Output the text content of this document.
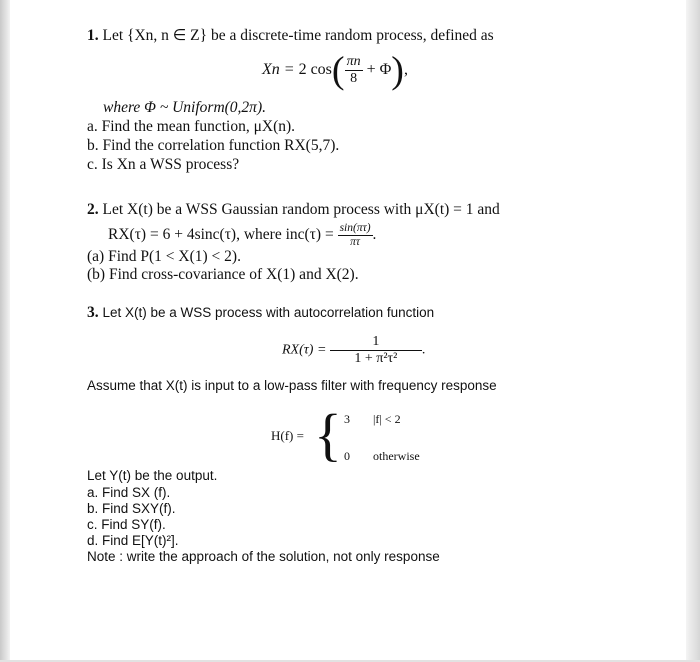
1. Let {Xn, n ∈ Z} be a discrete-time random process, defined as
Xn = 2 $\cos( \frac{\pi n}{8} + \Phi)$,
where Φ ~ Uniform(0,2π).
a. Find the mean function, μX(n).
b. Find the correlation function RX(5,7).
c. Is Xn a WSS process?
2. Let X(t) be a WSS Gaussian random process with μX(t) = 1 and
RX(τ) = 6 + 4sinc(τ), where $inc(\tau) = \frac{\sin(\pi\tau)}{\pi\tau}$ .
(a) Find P(1 < X(1) < 2).
(b) Find cross-covariance of X(1) and X(2).
3. Let X(t) be a WSS process with autocorrelation function
$RX(\tau) = \frac{1}{\text{1 + π²τ²}}$ .
Assume that X(t) is input to a low-pass filter with frequency response
H(f) = { 3 |f| < 2
0 otherwise
Let Y(t) be the output.
a. Find SX (f).
b. Find SXY(f).
c. Find SY(f).
d. Find E[Y(t)²].
Note : write the approach of the solution, not only response
